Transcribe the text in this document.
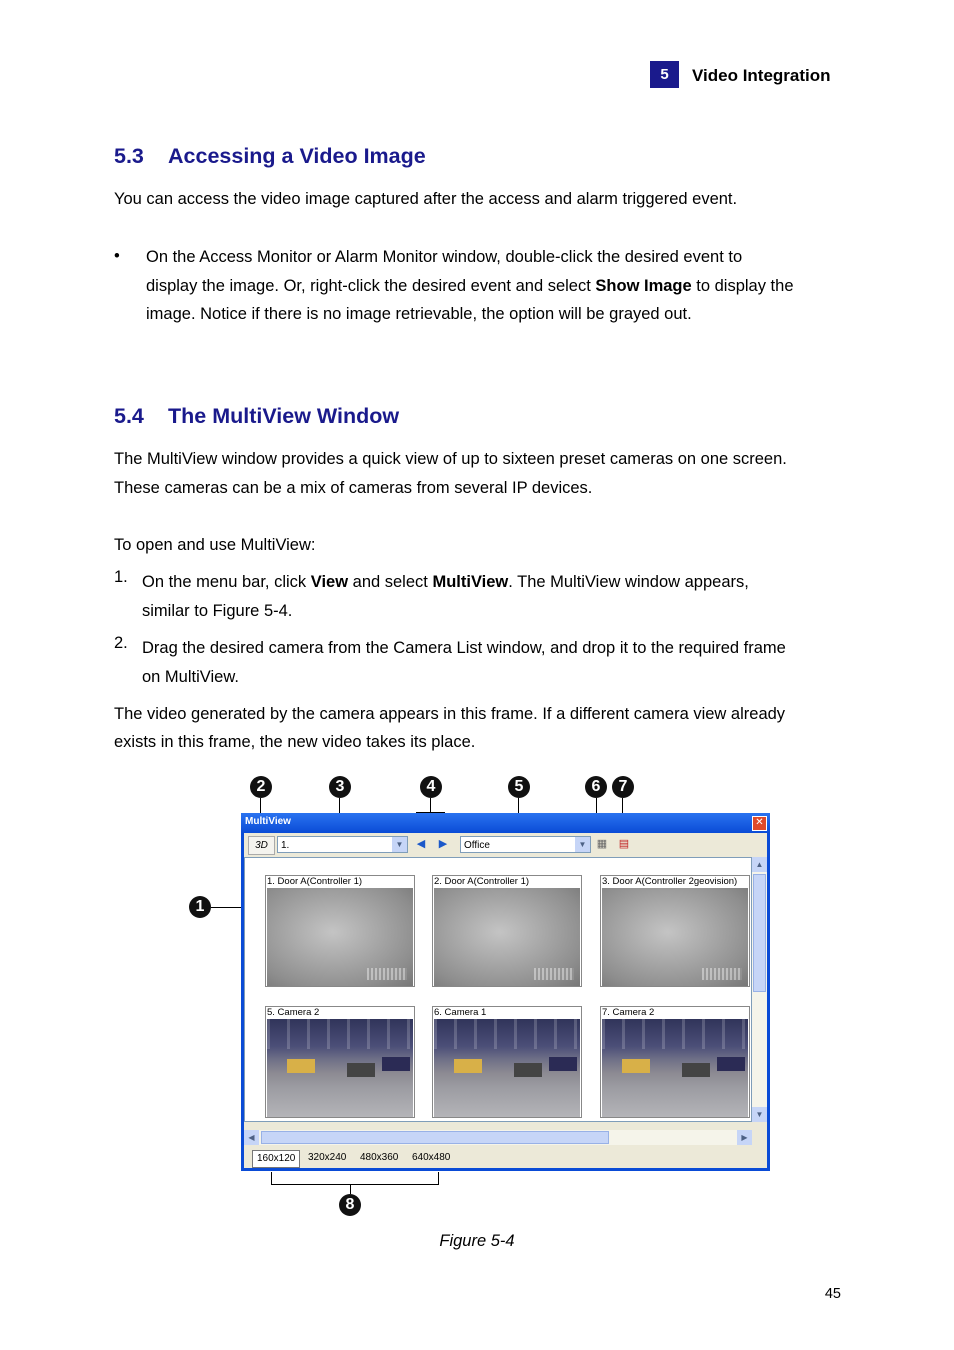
5	Video Integration
5.3 Accessing a Video Image

You can access the video image captured after the access and alarm triggered event.

• On the Access Monitor or Alarm Monitor window, double-click the desired event to

display the image. Or, right-click the desired event and select Show Image to display the

image. Notice if there is no image retrievable, the option will be grayed out.

5.4 The MultiView Window

The MultiView window provides a quick view of up to sixteen preset cameras on one screen.

These cameras can be a mix of cameras from several IP devices.

To open and use MultiView:

1. On the menu bar, click View and select MultiView. The MultiView window appears,

similar to Figure 5-4.

2. Drag the desired camera from the Camera List window, and drop it to the required frame

on MultiView.

The video generated by the camera appears in this frame. If a different camera view already

exists in this frame, the new video takes its place.

2	3	4	5	6	7
1
8
MultiView	✕
3D	1.	▼	◀	▶	Office	▼ ▦ ▤
1. Door A(Controller 1)	2. Door A(Controller 1)	3. Door A(Controller 2geovision)
5. Camera 2	6. Camera 1	7. Camera 2
▲
▼
◀	▶
160x120	320x240	480x360	640x480
Figure 5-4
45
